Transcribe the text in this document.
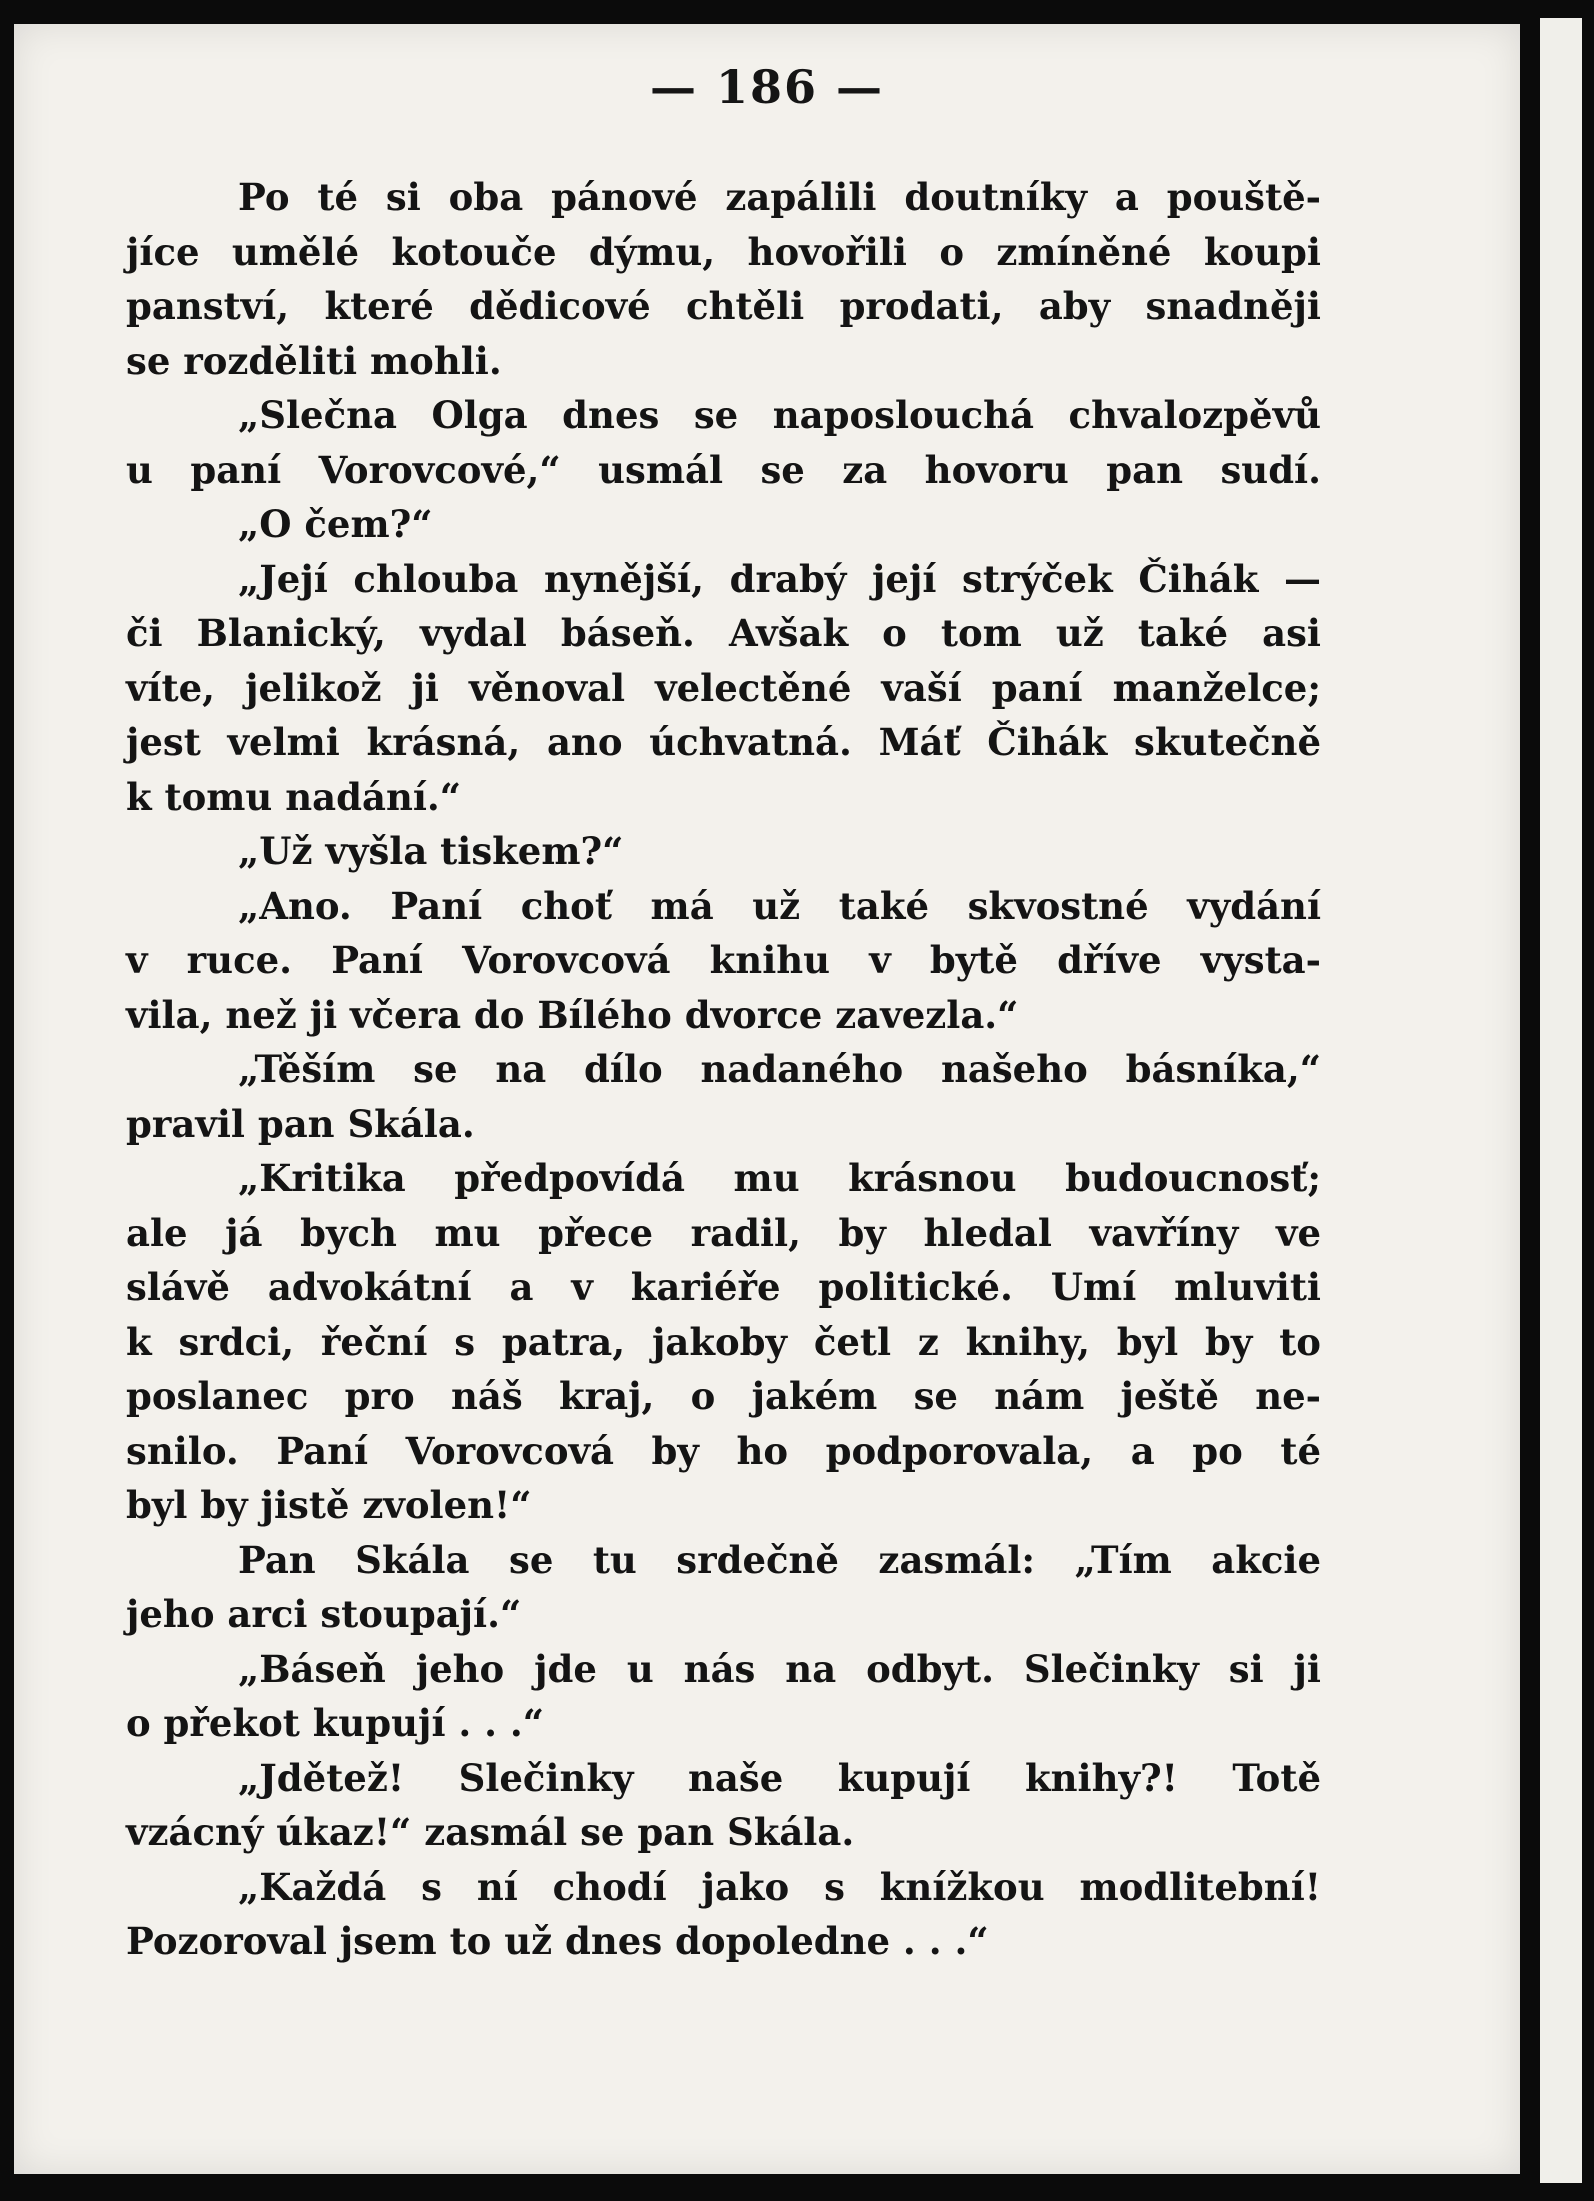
— 186 —
Po té si oba pánové zapálili doutníky a pouště-
jíce umělé kotouče dýmu, hovořili o zmíněné koupi
panství, které dědicové chtěli prodati, aby snadněji
se rozděliti mohli.
„Slečna Olga dnes se naposlouchá chvalozpěvů
u paní Vorovcové,“ usmál se za hovoru pan sudí.
„O čem?“
„Její chlouba nynější, drabý její strýček Čihák —
či Blanický, vydal báseň. Avšak o tom už také asi
víte, jelikož ji věnoval velectěné vaší paní manželce;
jest velmi krásná, ano úchvatná. Máť Čihák skutečně
k tomu nadání.“
„Už vyšla tiskem?“
„Ano. Paní choť má už také skvostné vydání
v ruce. Paní Vorovcová knihu v bytě dříve vysta-
vila, než ji včera do Bílého dvorce zavezla.“
„Těším se na dílo nadaného našeho básníka,“
pravil pan Skála.
„Kritika předpovídá mu krásnou budoucnosť;
ale já bych mu přece radil, by hledal vavříny ve
slávě advokátní a v kariéře politické. Umí mluviti
k srdci, řeční s patra, jakoby četl z knihy, byl by to
poslanec pro náš kraj, o jakém se nám ještě ne-
snilo. Paní Vorovcová by ho podporovala, a po té
byl by jistě zvolen!“
Pan Skála se tu srdečně zasmál: „Tím akcie
jeho arci stoupají.“
„Báseň jeho jde u nás na odbyt. Slečinky si ji
o překot kupují . . .“
„Jdětež! Slečinky naše kupují knihy?! Totě
vzácný úkaz!“ zasmál se pan Skála.
„Každá s ní chodí jako s knížkou modlitební!
Pozoroval jsem to už dnes dopoledne . . .“
